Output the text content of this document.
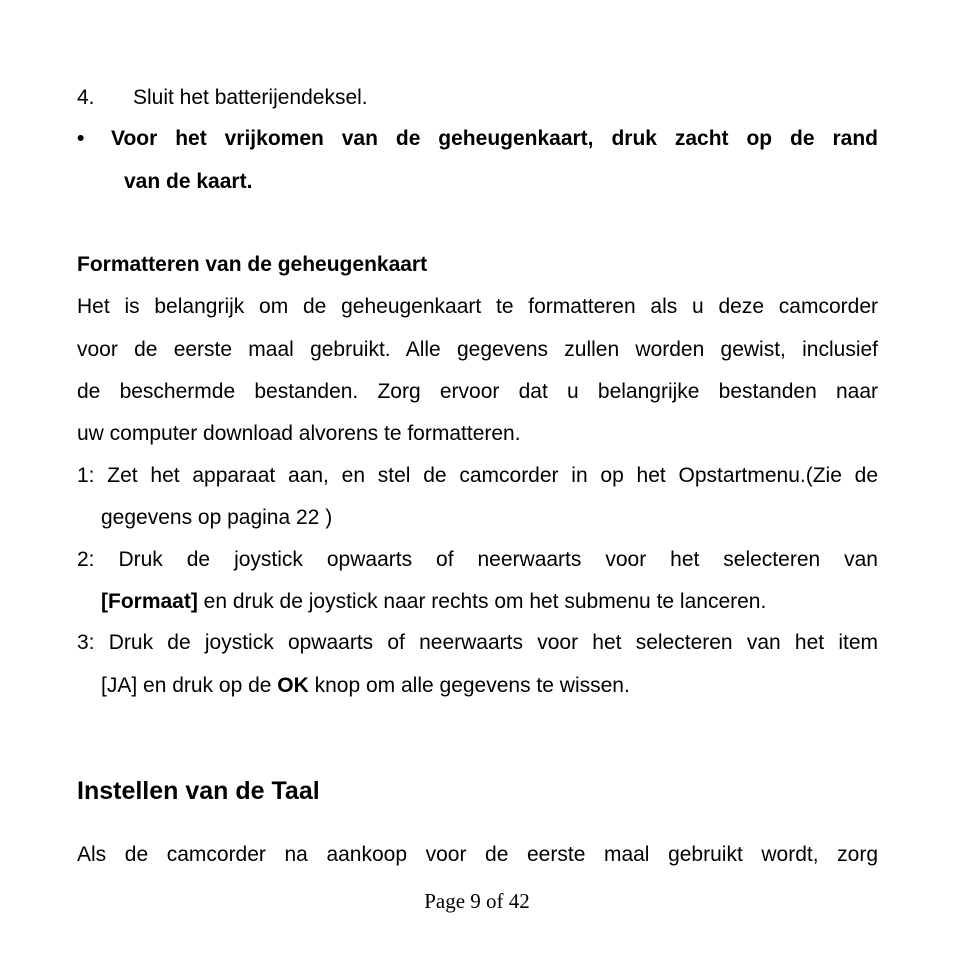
4. Sluit het batterijendeksel.
• Voor het vrijkomen van de geheugenkaart, druk zacht op de rand
van de kaart.
Formatteren van de geheugenkaart
Het is belangrijk om de geheugenkaart te formatteren als u deze camcorder
voor de eerste maal gebruikt. Alle gegevens zullen worden gewist, inclusief
de beschermde bestanden. Zorg ervoor dat u belangrijke bestanden naar
uw computer download alvorens te formatteren.
1: Zet het apparaat aan, en stel de camcorder in op het Opstartmenu.(Zie de
gegevens op pagina 22 )
2: Druk de joystick opwaarts of neerwaarts voor het selecteren van
[Formaat] en druk de joystick naar rechts om het submenu te lanceren.
3: Druk de joystick opwaarts of neerwaarts voor het selecteren van het item
[JA] en druk op de OK knop om alle gegevens te wissen.
Instellen van de Taal
Als de camcorder na aankoop voor de eerste maal gebruikt wordt, zorg
Page 9 of 42
